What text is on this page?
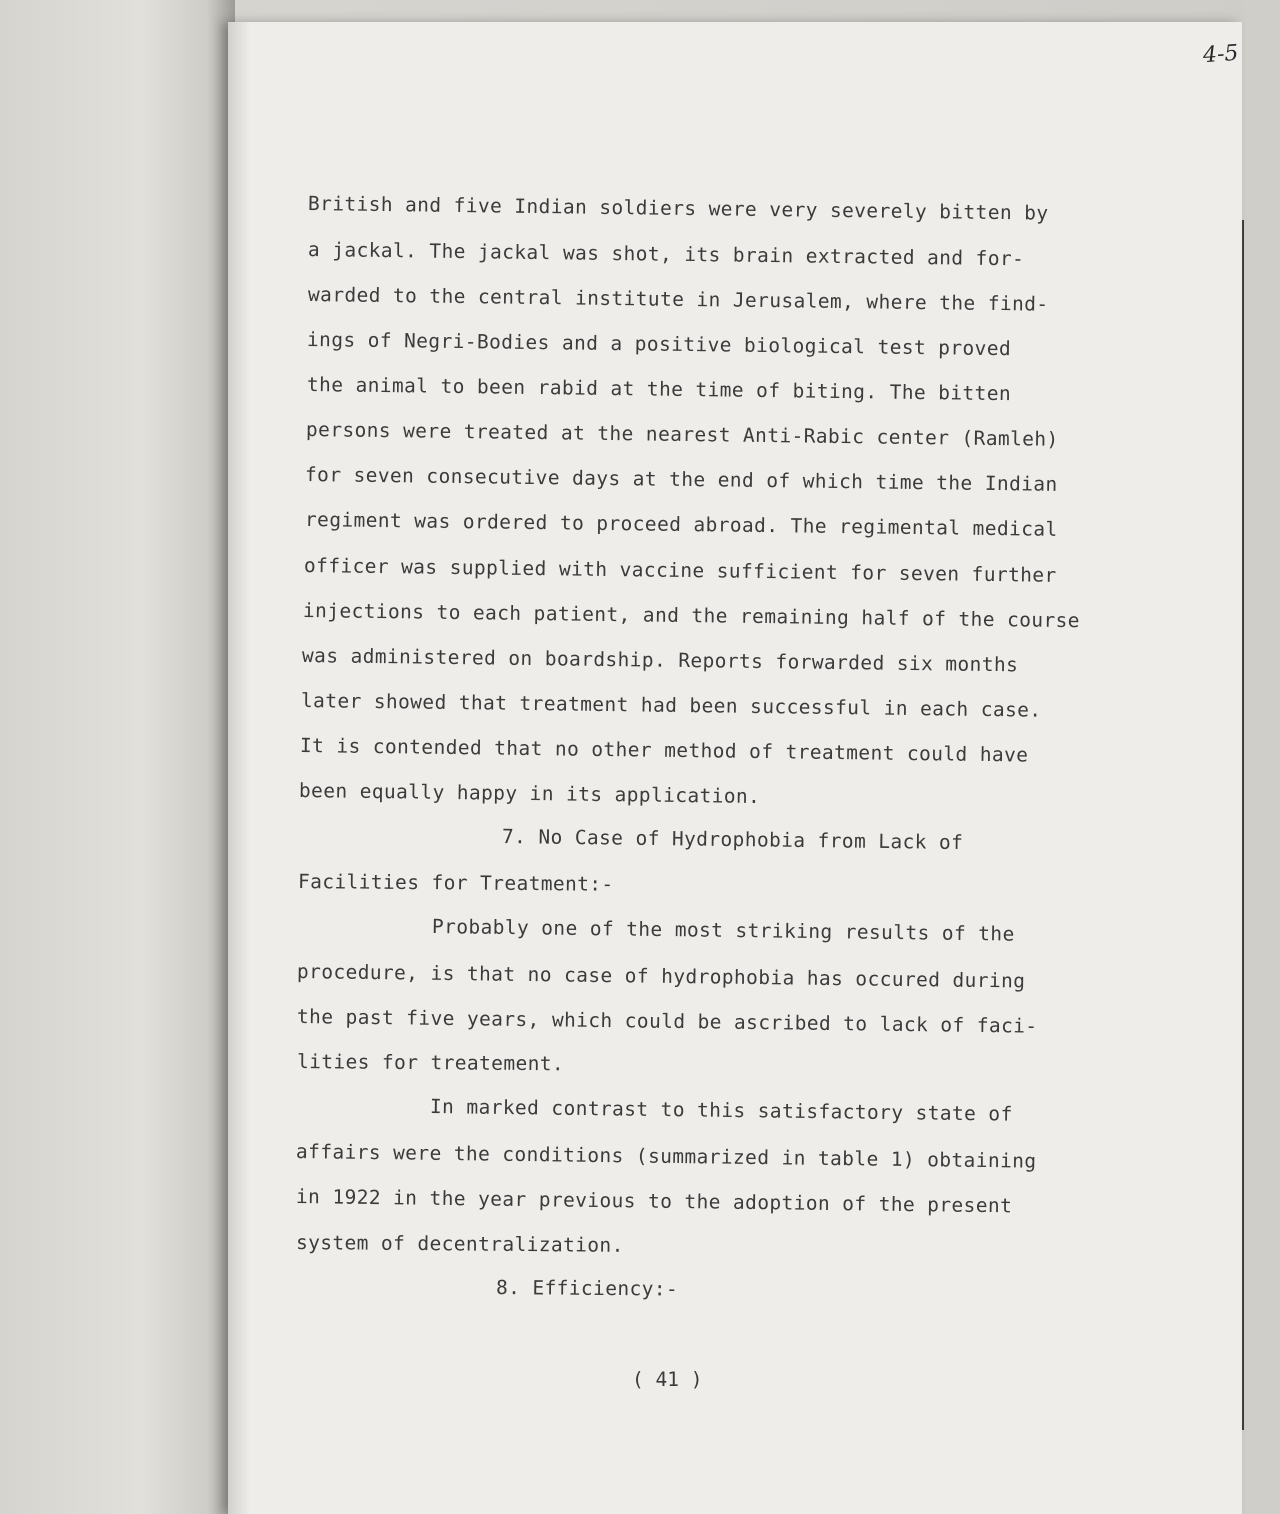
4-5
British and five Indian soldiers were very severely bitten by
a jackal. The jackal was shot, its brain extracted and for-
warded to the central institute in Jerusalem, where the find-
ings of Negri-Bodies and a positive biological test proved
the animal to been rabid at the time of biting. The bitten
persons were treated at the nearest Anti-Rabic center (Ramleh)
for seven consecutive days at the end of which time the Indian
regiment was ordered to proceed abroad. The regimental medical
officer was supplied with vaccine sufficient for seven further
injections to each patient, and the remaining half of the course
was administered on boardship. Reports forwarded six months
later showed that treatment had been successful in each case.
It is contended that no other method of treatment could have
been equally happy in its application.
7. No Case of Hydrophobia from Lack of
Facilities for Treatment:-
Probably one of the most striking results of the
procedure, is that no case of hydrophobia has occured during
the past five years, which could be ascribed to lack of faci-
lities for treatement.
In marked contrast to this satisfactory state of
affairs were the conditions (summarized in table 1) obtaining
in 1922 in the year previous to the adoption of the present
system of decentralization.
8. Efficiency:-
( 41 )
